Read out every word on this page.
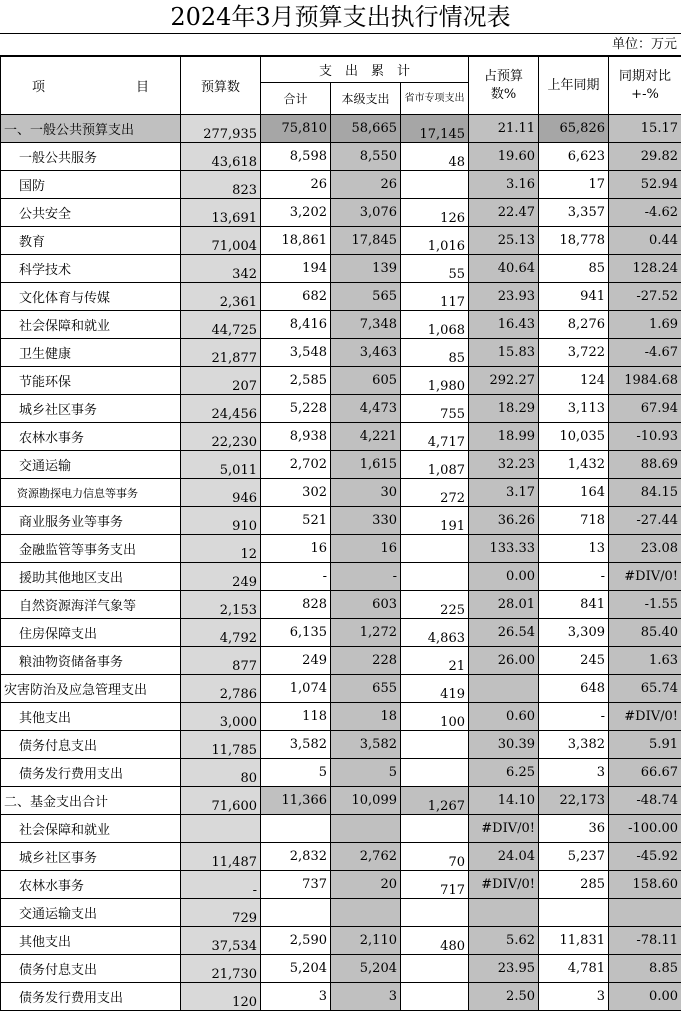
2024年3月预算支出执行情况表
单位：万元
项　　　　　　　目	预算数	支　出　累　计			占预算数%	上年同期	同期对比+-%
		合计	本级支出	省市专项支出			
一、一般公共预算支出	277,935	75,810	58,665	17,145	21.11	65,826	15.17
一般公共服务	43,618	8,598	8,550	48	19.60	6,623	29.82
国防	823	26	26		3.16	17	52.94
公共安全	13,691	3,202	3,076	126	22.47	3,357	-4.62
教育	71,004	18,861	17,845	1,016	25.13	18,778	0.44
科学技术	342	194	139	55	40.64	85	128.24
文化体育与传媒	2,361	682	565	117	23.93	941	-27.52
社会保障和就业	44,725	8,416	7,348	1,068	16.43	8,276	1.69
卫生健康	21,877	3,548	3,463	85	15.83	3,722	-4.67
节能环保	207	2,585	605	1,980	292.27	124	1984.68
城乡社区事务	24,456	5,228	4,473	755	18.29	3,113	67.94
农林水事务	22,230	8,938	4,221	4,717	18.99	10,035	-10.93
交通运输	5,011	2,702	1,615	1,087	32.23	1,432	88.69
资源勘探电力信息等事务	946	302	30	272	3.17	164	84.15
商业服务业等事务	910	521	330	191	36.26	718	-27.44
金融监管等事务支出	12	16	16		133.33	13	23.08
援助其他地区支出	249	-	-		0.00	-	#DIV/0!
自然资源海洋气象等	2,153	828	603	225	28.01	841	-1.55
住房保障支出	4,792	6,135	1,272	4,863	26.54	3,309	85.40
粮油物资储备事务	877	249	228	21	26.00	245	1.63
灾害防治及应急管理支出	2,786	1,074	655	419		648	65.74
其他支出	3,000	118	18	100	0.60	-	#DIV/0!
债务付息支出	11,785	3,582	3,582		30.39	3,382	5.91
债务发行费用支出	80	5	5		6.25	3	66.67
二、基金支出合计	71,600	11,366	10,099	1,267	14.10	22,173	-48.74
社会保障和就业					#DIV/0!	36	-100.00
城乡社区事务	11,487	2,832	2,762	70	24.04	5,237	-45.92
农林水事务	-	737	20	717	#DIV/0!	285	158.60
交通运输支出	729						
其他支出	37,534	2,590	2,110	480	5.62	11,831	-78.11
债务付息支出	21,730	5,204	5,204		23.95	4,781	8.85
债务发行费用支出	120	3	3		2.50	3	0.00
